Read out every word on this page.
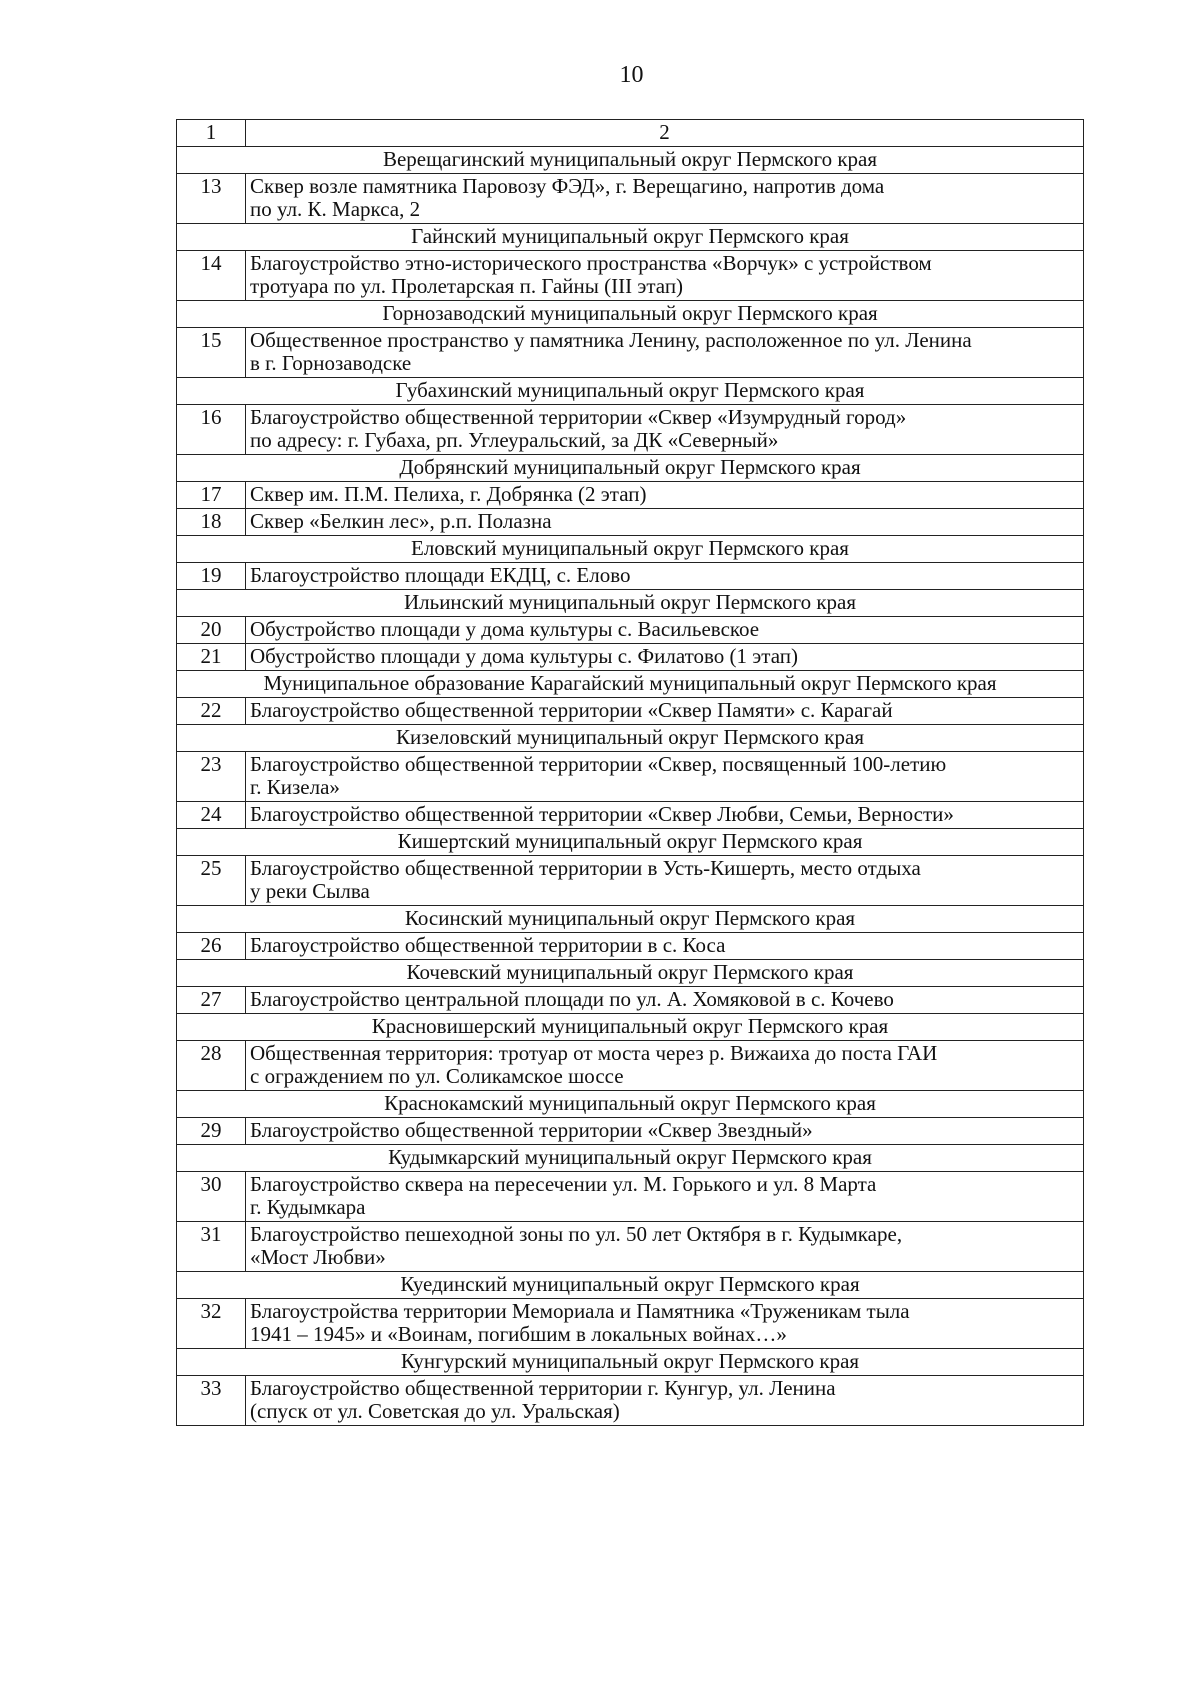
10
1	2
Верещагинский муниципальный округ Пермского края	
13	Сквер возле памятника Паровозу ФЭД», г. Верещагино, напротив дома
по ул. К. Маркса, 2

Гайнский муниципальный округ Пермского края	
14	Благоустройство этно-исторического пространства «Ворчук» с устройством
тротуара по ул. Пролетарская п. Гайны (III этап)

Горнозаводский муниципальный округ Пермского края	
15	Общественное пространство у памятника Ленину, расположенное по ул. Ленина
в г. Горнозаводске

Губахинский муниципальный округ Пермского края	
16	Благоустройство общественной территории «Сквер «Изумрудный город»
по адресу: г. Губаха, рп. Углеуральский, за ДК «Северный»

Добрянский муниципальный округ Пермского края	
17	Сквер им. П.М. Пелиха, г. Добрянка (2 этап)

18	Сквер «Белкин лес», р.п. Полазна

Еловский муниципальный округ Пермского края	
19	Благоустройство площади ЕКДЦ, с. Елово

Ильинский муниципальный округ Пермского края	
20	Обустройство площади у дома культуры с. Васильевское

21	Обустройство площади у дома культуры с. Филатово (1 этап)

Муниципальное образование Карагайский муниципальный округ Пермского края	
22	Благоустройство общественной территории «Сквер Памяти» с. Карагай

Кизеловский муниципальный округ Пермского края	
23	Благоустройство общественной территории «Сквер, посвященный 100-летию
г. Кизела»

24	Благоустройство общественной территории «Сквер Любви, Семьи, Верности»

Кишертский муниципальный округ Пермского края	
25	Благоустройство общественной территории в Усть-Кишерть, место отдыха
у реки Сылва

Косинский муниципальный округ Пермского края	
26	Благоустройство общественной территории в с. Коса

Кочевский муниципальный округ Пермского края	
27	Благоустройство центральной площади по ул. А. Хомяковой в с. Кочево

Красновишерский муниципальный округ Пермского края	
28	Общественная территория: тротуар от моста через р. Вижаиха до поста ГАИ
с ограждением по ул. Соликамское шоссе

Краснокамский муниципальный округ Пермского края	
29	Благоустройство общественной территории «Сквер Звездный»

Кудымкарский муниципальный округ Пермского края	
30	Благоустройство сквера на пересечении ул. М. Горького и ул. 8 Марта
г. Кудымкара

31	Благоустройство пешеходной зоны по ул. 50 лет Октября в г. Кудымкаре,
«Мост Любви»

Куединский муниципальный округ Пермского края	
32	Благоустройства территории Мемориала и Памятника «Труженикам тыла
1941 – 1945» и «Воинам, погибшим в локальных войнах…»

Кунгурский муниципальный округ Пермского края	
33	Благоустройство общественной территории г. Кунгур, ул. Ленина
(спуск от ул. Советская до ул. Уральская)
